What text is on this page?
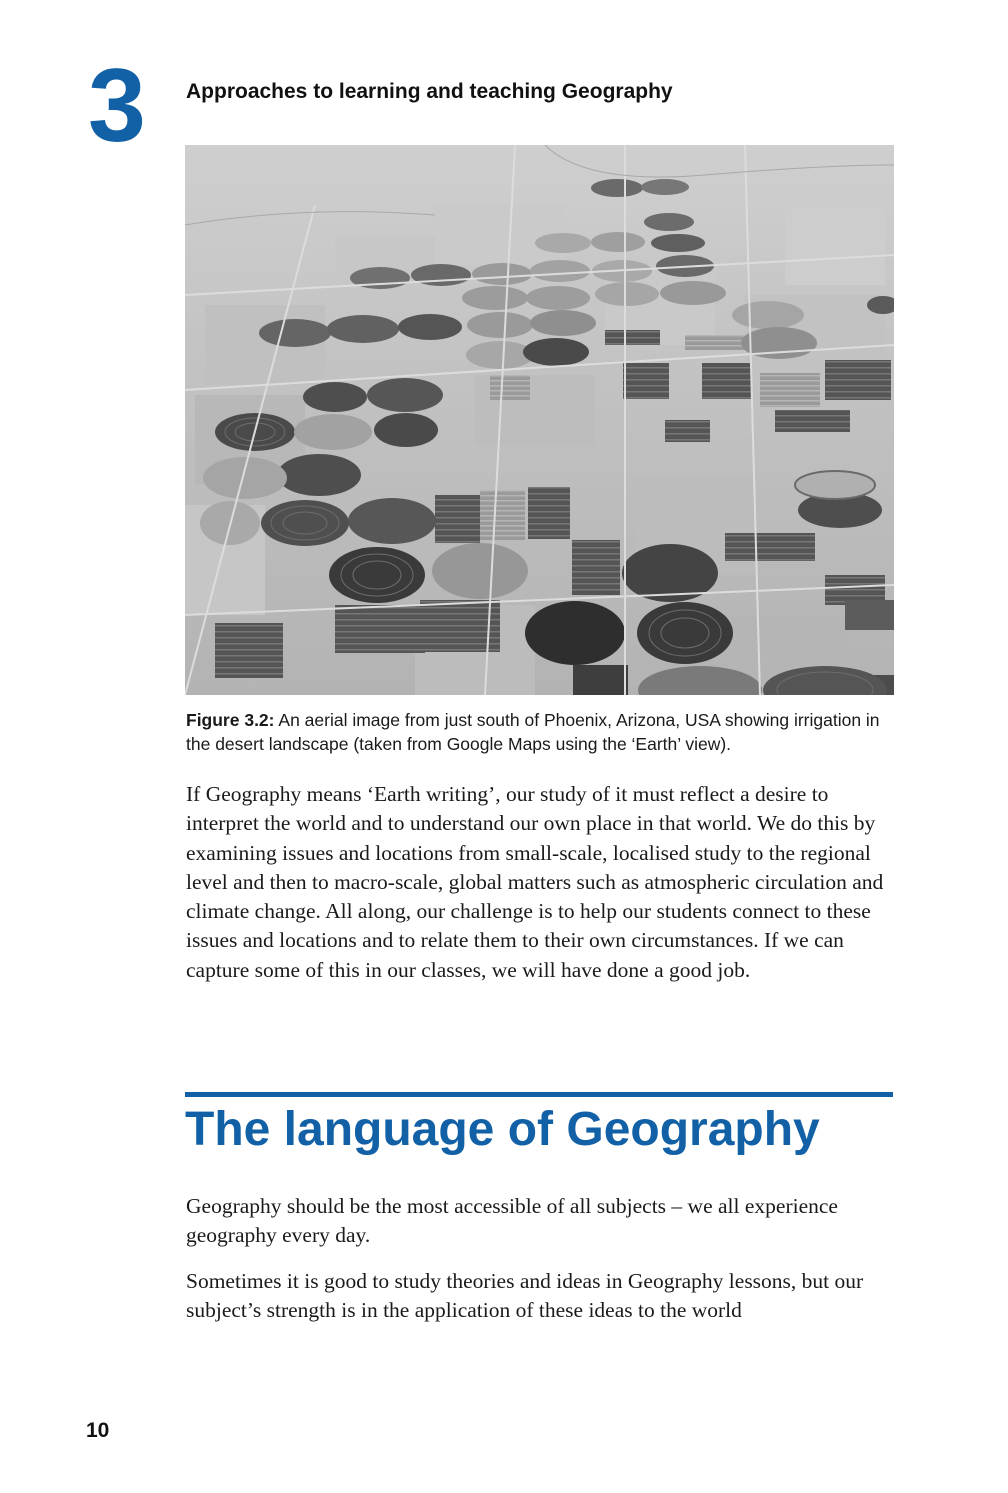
3 Approaches to learning and teaching Geography
Figure 3.2: An aerial image from just south of Phoenix, Arizona, USA showing irrigation in the desert landscape (taken from Google Maps using the ‘Earth’ view).

If Geography means ‘Earth writing’, our study of it must reflect a desire to interpret the world and to understand our own place in that world. We do this by examining issues and locations from small-scale, localised study to the regional level and then to macro-scale, global matters such as atmospheric circulation and climate change. All along, our challenge is to help our students connect to these issues and locations and to relate them to their own circumstances. If we can capture some of this in our classes, we will have done a good job.

The language of Geography

Geography should be the most accessible of all subjects – we all experience geography every day.

Sometimes it is good to study theories and ideas in Geography lessons, but our subject’s strength is in the application of these ideas to the world

10
